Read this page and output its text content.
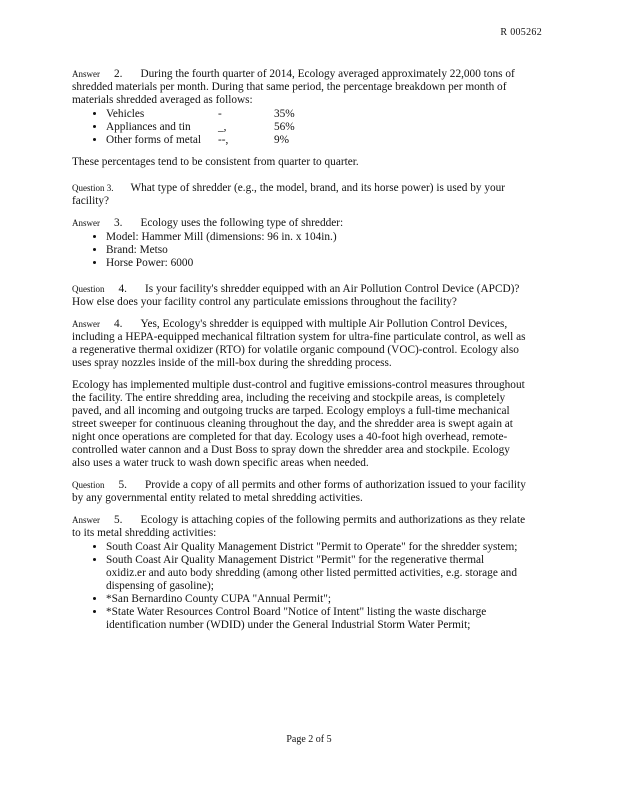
R 005262

Answer 2. During the fourth quarter of 2014, Ecology averaged approximately 22,000 tons of shredded materials per month. During that same period, the percentage breakdown per month of materials shredded averaged as follows:

• Vehicles	-	35%
• Appliances and tin	_,	56%
• Other forms of metal	--,	9%

These percentages tend to be consistent from quarter to quarter.

Question 3. What type of shredder (e.g., the model, brand, and its horse power) is used by your facility?

Answer 3. Ecology uses the following type of shredder:

• Model: Hammer Mill (dimensions: 96 in. x 104in.)
• Brand: Metso
• Horse Power: 6000

Question 4. Is your facility's shredder equipped with an Air Pollution Control Device (APCD)? How else does your facility control any particulate emissions throughout the facility?

Answer 4. Yes, Ecology's shredder is equipped with multiple Air Pollution Control Devices, including a HEPA-equipped mechanical filtration system for ultra-fine particulate control, as well as a regenerative thermal oxidizer (RTO) for volatile organic compound (VOC)-control. Ecology also uses spray nozzles inside of the mill-box during the shredding process.

Ecology has implemented multiple dust-control and fugitive emissions-control measures throughout the facility. The entire shredding area, including the receiving and stockpile areas, is completely paved, and all incoming and outgoing trucks are tarped. Ecology employs a full-time mechanical street sweeper for continuous cleaning throughout the day, and the shredder area is swept again at night once operations are completed for that day. Ecology uses a 40-foot high overhead, remote-controlled water cannon and a Dust Boss to spray down the shredder area and stockpile. Ecology also uses a water truck to wash down specific areas when needed.

Question 5. Provide a copy of all permits and other forms of authorization issued to your facility by any governmental entity related to metal shredding activities.

Answer 5. Ecology is attaching copies of the following permits and authorizations as they relate to its metal shredding activities:

• South Coast Air Quality Management District "Permit to Operate" for the shredder system;
• South Coast Air Quality Management District "Permit" for the regenerative thermal oxidiz.er and auto body shredding (among other listed permitted activities, e.g. storage and dispensing of gasoline);
• *San Bernardino County CUPA "Annual Permit";
• *State Water Resources Control Board "Notice of Intent" listing the waste discharge identification number (WDID) under the General Industrial Storm Water Permit;
Page 2 of 5
